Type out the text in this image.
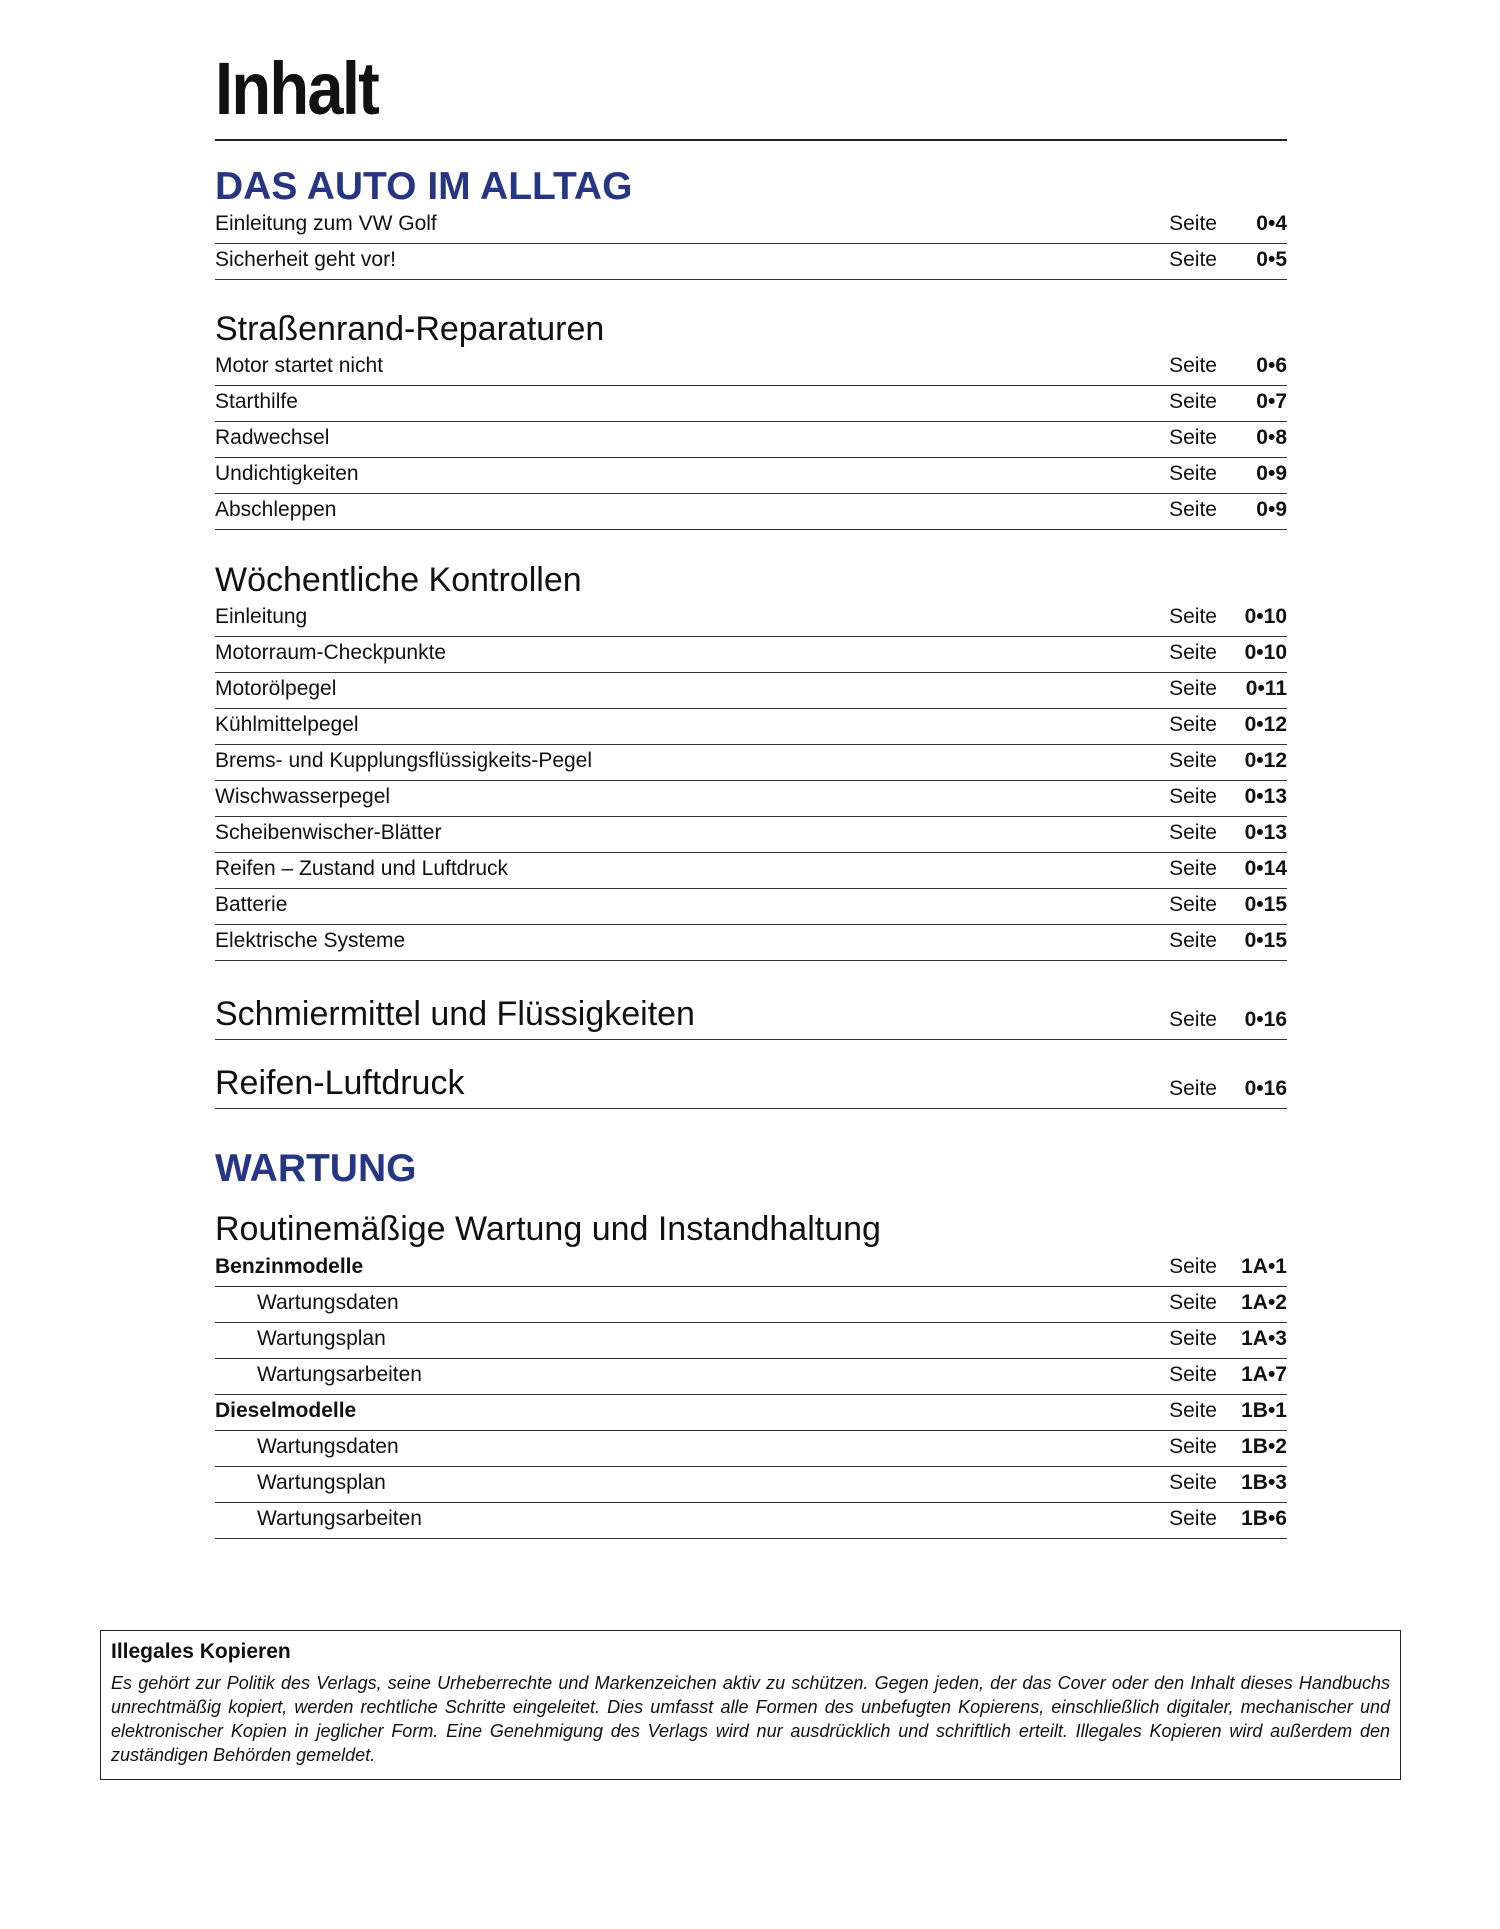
Inhalt
DAS AUTO IM ALLTAG
Einleitung zum VW Golf	Seite 0•4
Sicherheit geht vor!	Seite 0•5
Straßenrand-Reparaturen
Motor startet nicht	Seite 0•6
Starthilfe	Seite 0•7
Radwechsel	Seite 0•8
Undichtigkeiten	Seite 0•9
Abschleppen	Seite 0•9
Wöchentliche Kontrollen
Einleitung	Seite 0•10
Motorraum-Checkpunkte	Seite 0•10
Motorölpegel	Seite 0•11
Kühlmittelpegel	Seite 0•12
Brems- und Kupplungsflüssigkeits-Pegel	Seite 0•12
Wischwasserpegel	Seite 0•13
Scheibenwischer-Blätter	Seite 0•13
Reifen – Zustand und Luftdruck	Seite 0•14
Batterie	Seite 0•15
Elektrische Systeme	Seite 0•15
Schmiermittel und Flüssigkeiten	Seite 0•16
Reifen-Luftdruck	Seite 0•16
WARTUNG
Routinemäßige Wartung und Instandhaltung
Benzinmodelle	Seite 1A•1
Wartungsdaten	Seite 1A•2
Wartungsplan	Seite 1A•3
Wartungsarbeiten	Seite 1A•7
Dieselmodelle	Seite 1B•1
Wartungsdaten	Seite 1B•2
Wartungsplan	Seite 1B•3
Wartungsarbeiten	Seite 1B•6
Illegales Kopieren
Es gehört zur Politik des Verlags, seine Urheberrechte und Markenzeichen aktiv zu schützen. Gegen jeden, der das Cover oder den Inhalt dieses Handbuchs unrechtmäßig kopiert, werden rechtliche Schritte eingeleitet. Dies umfasst alle Formen des unbefugten Kopierens, einschließlich digitaler, mechanischer und elektronischer Kopien in jeglicher Form. Eine Genehmigung des Verlags wird nur ausdrücklich und schriftlich erteilt. Illegales Kopieren wird außerdem den zuständigen Behörden gemeldet.
